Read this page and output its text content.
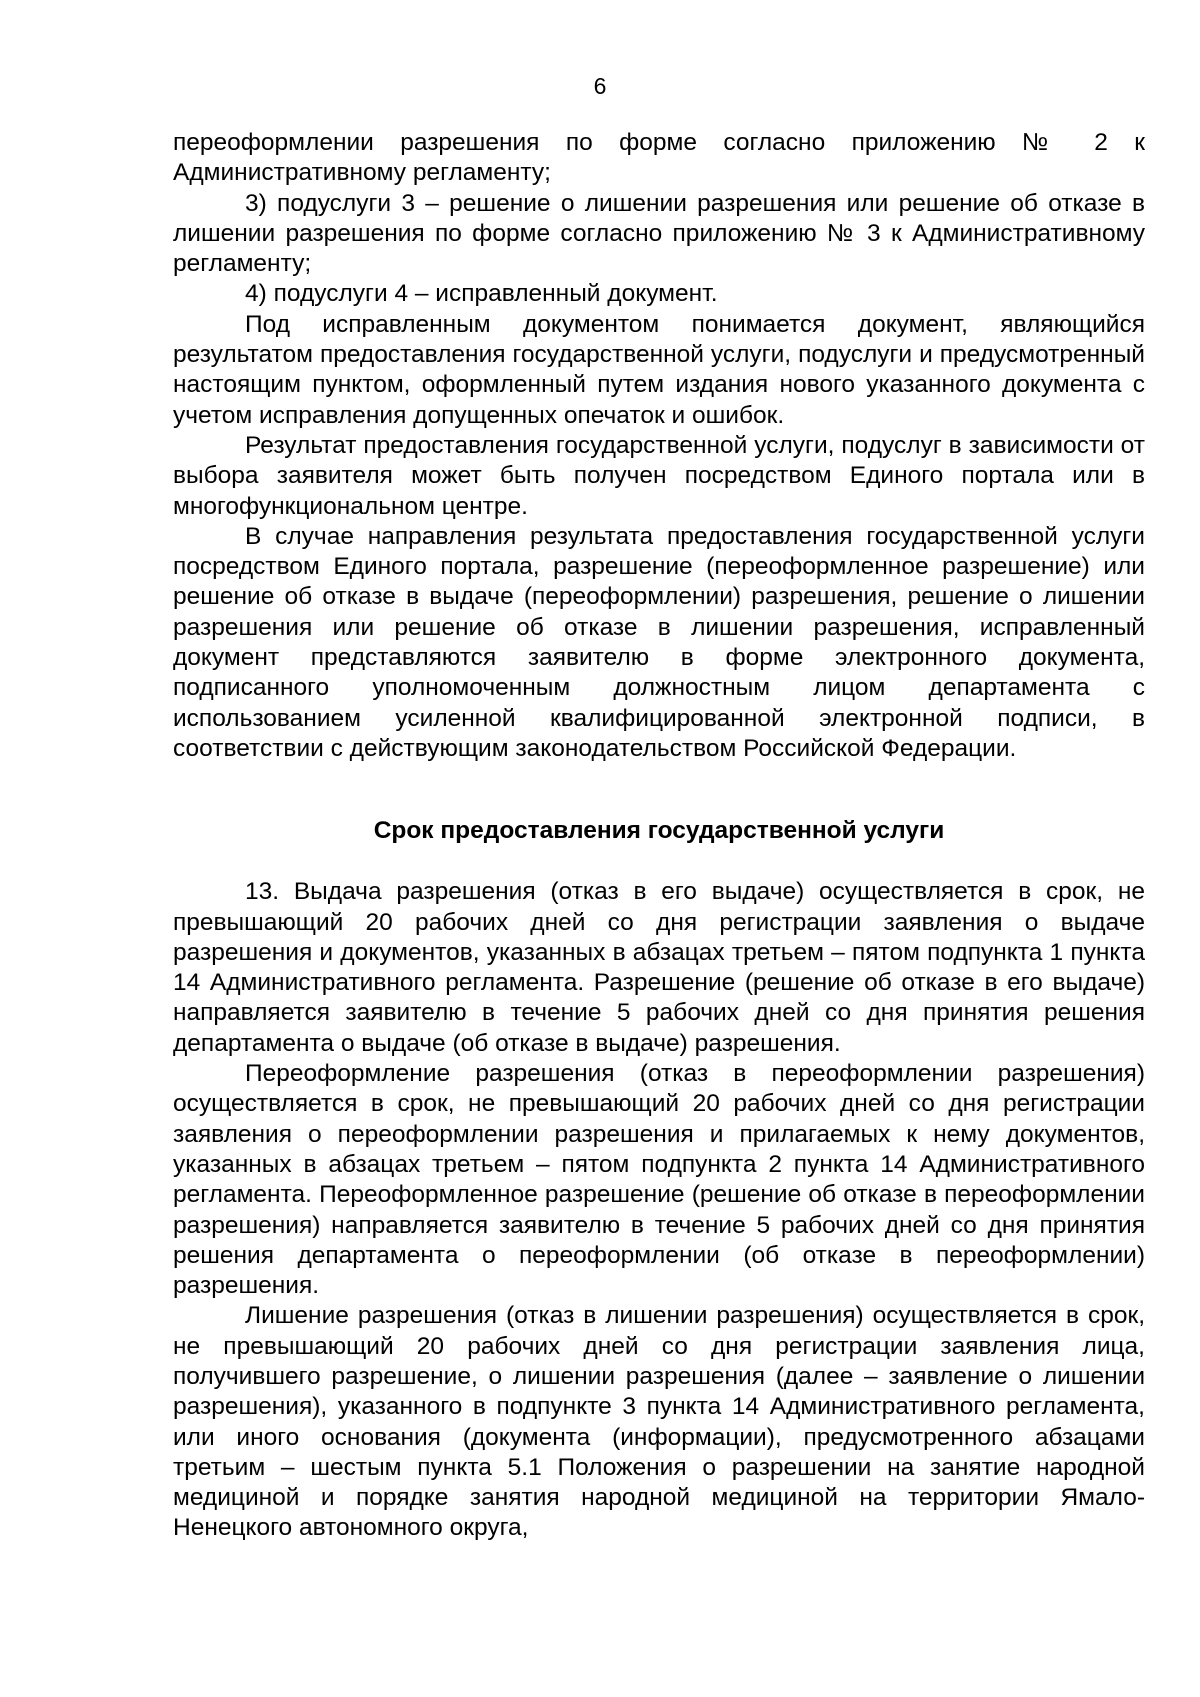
6

переоформлении разрешения по форме согласно приложению № 2 к Административному регламенту;

3) подуслуги 3 – решение о лишении разрешения или решение об отказе в лишении разрешения по форме согласно приложению № 3 к Административному регламенту;

4) подуслуги 4 – исправленный документ.

Под исправленным документом понимается документ, являющийся результатом предоставления государственной услуги, подуслуги и предусмотренный настоящим пунктом, оформленный путем издания нового указанного документа с учетом исправления допущенных опечаток и ошибок.

Результат предоставления государственной услуги, подуслуг в зависимости от выбора заявителя может быть получен посредством Единого портала или в многофункциональном центре.

В случае направления результата предоставления государственной услуги посредством Единого портала, разрешение (переоформленное разрешение) или решение об отказе в выдаче (переоформлении) разрешения, решение о лишении разрешения или решение об отказе в лишении разрешения, исправленный документ представляются заявителю в форме электронного документа, подписанного уполномоченным должностным лицом департамента с использованием усиленной квалифицированной электронной подписи, в соответствии с действующим законодательством Российской Федерации.

Срок предоставления государственной услуги

13. Выдача разрешения (отказ в его выдаче) осуществляется в срок, не превышающий 20 рабочих дней со дня регистрации заявления о выдаче разрешения и документов, указанных в абзацах третьем – пятом подпункта 1 пункта 14 Административного регламента. Разрешение (решение об отказе в его выдаче) направляется заявителю в течение 5 рабочих дней со дня принятия решения департамента о выдаче (об отказе в выдаче) разрешения.

Переоформление разрешения (отказ в переоформлении разрешения) осуществляется в срок, не превышающий 20 рабочих дней со дня регистрации заявления о переоформлении разрешения и прилагаемых к нему документов, указанных в абзацах третьем – пятом подпункта 2 пункта 14 Административного регламента. Переоформленное разрешение (решение об отказе в переоформлении разрешения) направляется заявителю в течение 5 рабочих дней со дня принятия решения департамента о переоформлении (об отказе в переоформлении) разрешения.

Лишение разрешения (отказ в лишении разрешения) осуществляется в срок, не превышающий 20 рабочих дней со дня регистрации заявления лица, получившего разрешение, о лишении разрешения (далее – заявление о лишении разрешения), указанного в подпункте 3 пункта 14 Административного регламента, или иного основания (документа (информации), предусмотренного абзацами третьим – шестым пункта 5.1 Положения о разрешении на занятие народной медициной и порядке занятия народной медициной на территории Ямало-Ненецкого автономного округа,
